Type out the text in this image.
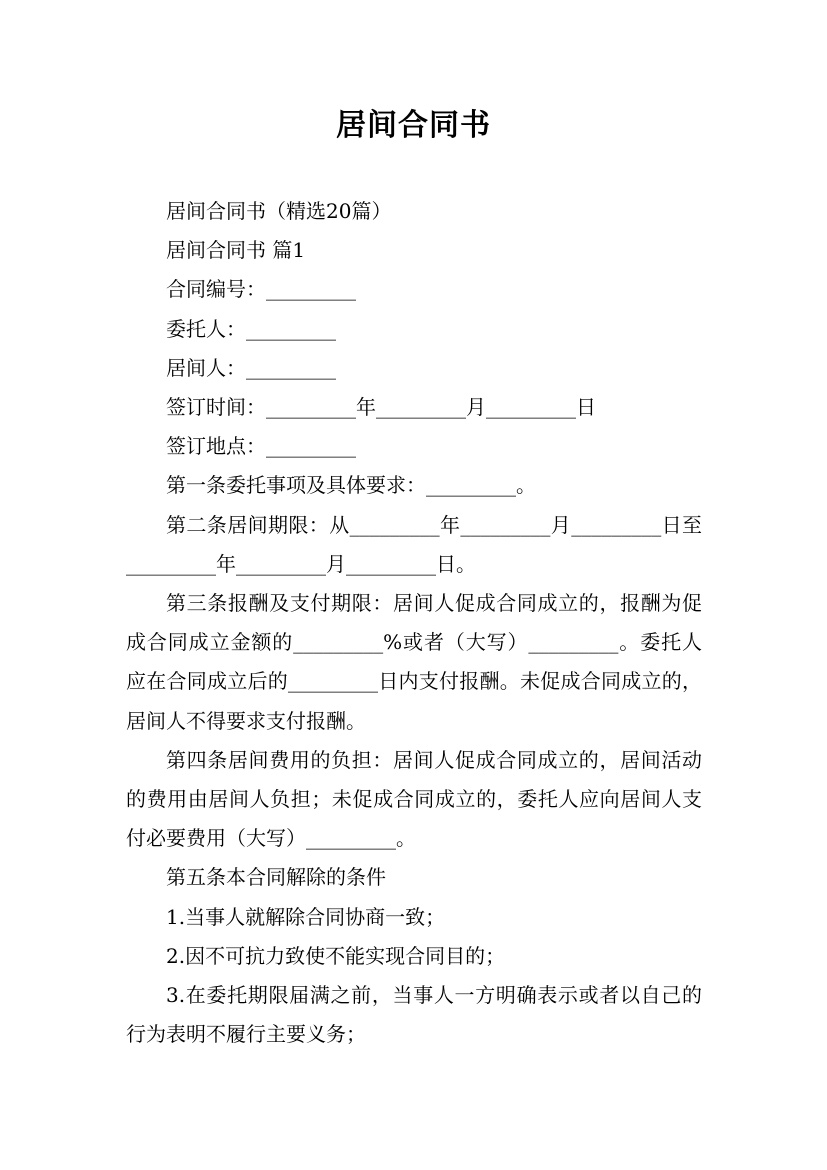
居间合同书

居间合同书（精选20篇）

居间合同书 篇1

合同编号：_________

委托人：_________

居间人：_________

签订时间：_________年_________月_________日

签订地点：_________

第一条委托事项及具体要求：_________。

第二条居间期限：从_________年_________月_________日至_________年_________月_________日。

第三条报酬及支付期限：居间人促成合同成立的，报酬为促成合同成立金额的_________%或者（大写）_________。委托人应在合同成立后的_________日内支付报酬。未促成合同成立的，居间人不得要求支付报酬。

第四条居间费用的负担：居间人促成合同成立的，居间活动的费用由居间人负担；未促成合同成立的，委托人应向居间人支付必要费用（大写）_________。

第五条本合同解除的条件

1.当事人就解除合同协商一致；

2.因不可抗力致使不能实现合同目的；

3.在委托期限届满之前，当事人一方明确表示或者以自己的行为表明不履行主要义务；
